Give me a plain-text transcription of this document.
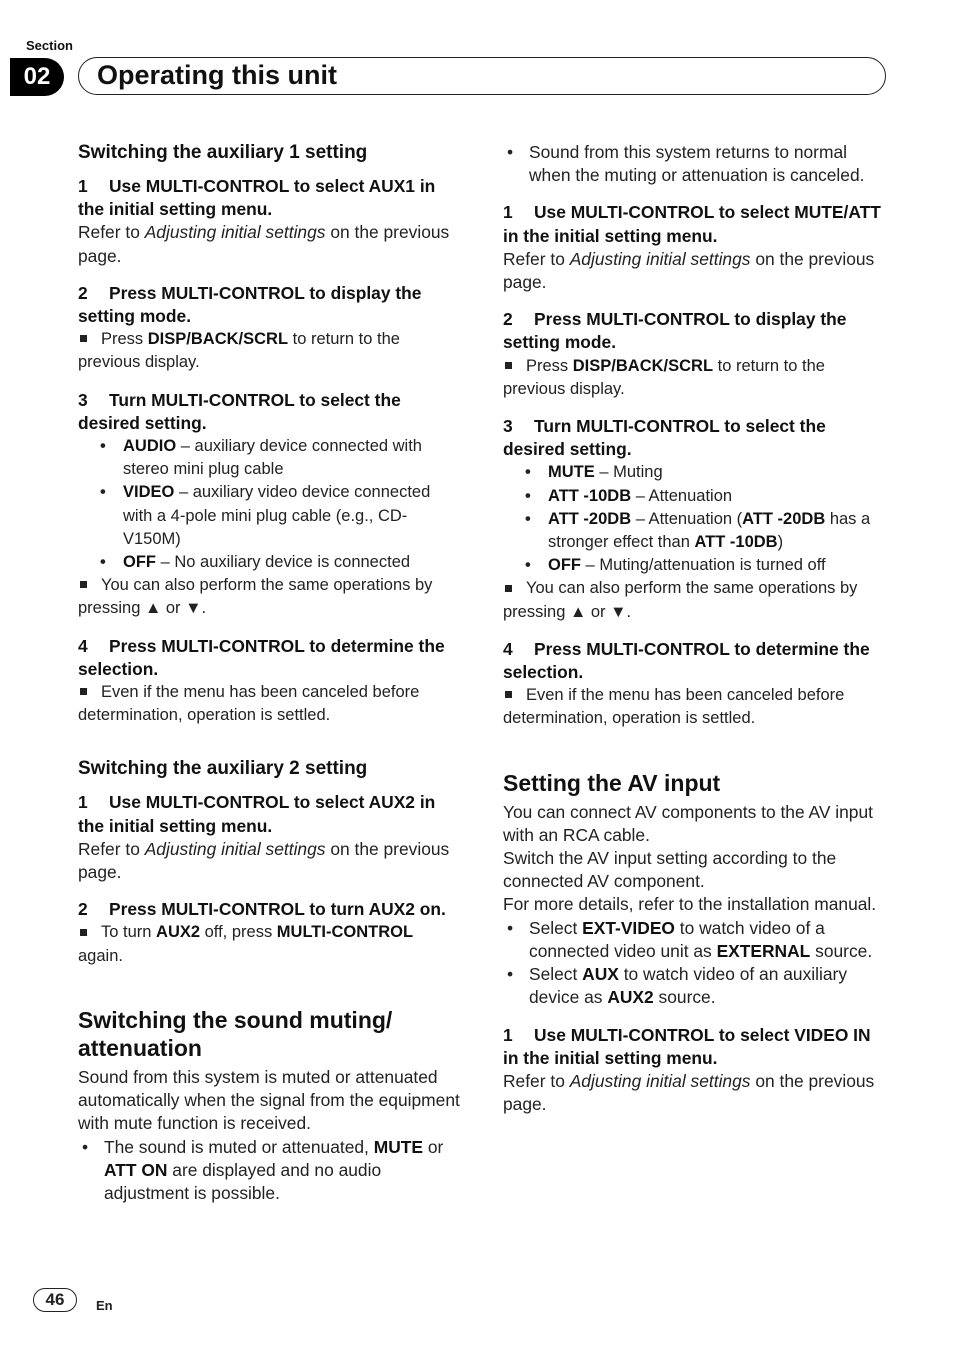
Section
02	Operating this unit
Switching the auxiliary 1 setting

1 Use MULTI-CONTROL to select AUX1 in the initial setting menu.

Refer to Adjusting initial settings on the previous page.

2 Press MULTI-CONTROL to display the setting mode.

Press DISP/BACK/SCRL to return to the previous display.

3 Turn MULTI-CONTROL to select the desired setting.

• AUDIO – auxiliary device connected with stereo mini plug cable
• VIDEO – auxiliary video device connected with a 4-pole mini plug cable (e.g., CD-V150M)
• OFF – No auxiliary device is connected

You can also perform the same operations by pressing ▲ or ▼.

4 Press MULTI-CONTROL to determine the selection.

Even if the menu has been canceled before determination, operation is settled.

Switching the auxiliary 2 setting

1 Use MULTI-CONTROL to select AUX2 in the initial setting menu.

Refer to Adjusting initial settings on the previous page.

2 Press MULTI-CONTROL to turn AUX2 on.

To turn AUX2 off, press MULTI-CONTROL again.

Switching the sound muting/ attenuation

Sound from this system is muted or attenuated automatically when the signal from the equipment with mute function is received.

• The sound is muted or attenuated, MUTE or ATT ON are displayed and no audio adjustment is possible.
• Sound from this system returns to normal when the muting or attenuation is canceled.

1 Use MULTI-CONTROL to select MUTE/ATT in the initial setting menu.

Refer to Adjusting initial settings on the previous page.

2 Press MULTI-CONTROL to display the setting mode.

Press DISP/BACK/SCRL to return to the previous display.

3 Turn MULTI-CONTROL to select the desired setting.

• MUTE – Muting
• ATT -10DB – Attenuation
• ATT -20DB – Attenuation (ATT -20DB has a stronger effect than ATT -10DB)
• OFF – Muting/attenuation is turned off

You can also perform the same operations by pressing ▲ or ▼.

4 Press MULTI-CONTROL to determine the selection.

Even if the menu has been canceled before determination, operation is settled.

Setting the AV input

You can connect AV components to the AV input with an RCA cable.

Switch the AV input setting according to the connected AV component.

For more details, refer to the installation manual.

• Select EXT-VIDEO to watch video of a connected video unit as EXTERNAL source.
• Select AUX to watch video of an auxiliary device as AUX2 source.

1 Use MULTI-CONTROL to select VIDEO IN in the initial setting menu.

Refer to Adjusting initial settings on the previous page.

46	En
